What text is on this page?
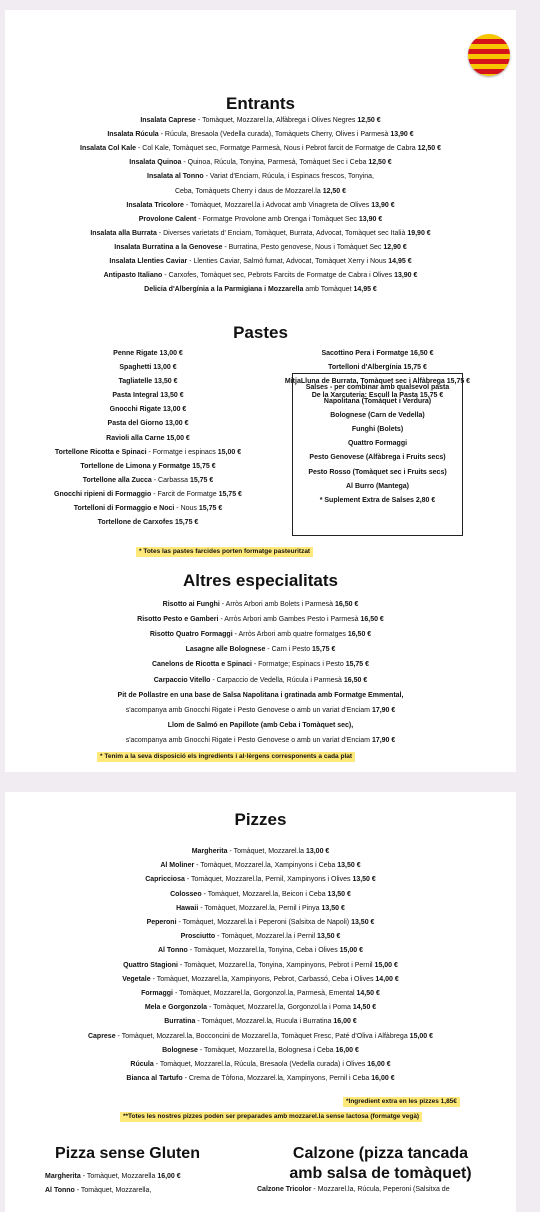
Entrants
Insalata Caprese - Tomàquet, Mozzarel.la, Alfàbrega i Olives Negres 12,50 €
Insalata Rúcula - Rúcula, Bresaola (Vedella curada), Tomàquets Cherry, Olives i Parmesà 13,90 €
Insalata Col Kale - Col Kale, Tomàquet sec, Formatge Parmesà, Nous i Pebrot farcit de Formatge de Cabra 12,50 €
Insalata Quinoa - Quinoa, Rúcula, Tonyina, Parmesà, Tomàquet Sec i Ceba 12,50 €
Insalata al Tonno - Variat d'Enciam, Rúcula, i Espinacs frescos, Tonyina,
Ceba, Tomàquets Cherry i daus de Mozzarel.la 12,50 €
Insalata Tricolore - Tomàquet, Mozzarel.la i Advocat amb Vinagreta de Olives 13,90 €
Provolone Calent - Formatge Provolone amb Orenga i Tomàquet Sec 13,90 €
Insalata alla Burrata - Diverses varietats d' Enciam, Tomàquet, Burrata, Advocat, Tomàquet sec Italià 19,90 €
Insalata Burratina a la Genovese - Burratina, Pesto genovese, Nous i Tomàquet Sec 12,90 €
Insalata Llenties Caviar - Llenties Caviar, Salmó fumat, Advocat, Tomàquet Xerry i Nous 14,95 €
Antipasto Italiano - Carxofes, Tomàquet sec, Pebrots Farcits de Formatge de Cabra i Olives 13,90 €
Delicia d'Albergínia a la Parmigiana i Mozzarella amb Tomàquet 14,95 €
Pastes
Penne Rigate 13,00 €
Spaghetti 13,00 €
Tagliatelle 13,50 €
Pasta Integral 13,50 €
Gnocchi Rigate 13,00 €
Pasta del Giorno 13,00 €
Ravioli alla Carne 15,00 €
Tortellone Ricotta e Spinaci - Formatge i espinacs 15,00 €
Tortellone de Limona y Formatge 15,75 €
Tortellone alla Zucca - Carbassa 15,75 €
Gnocchi ripieni di Formaggio - Farcit de Formatge 15,75 €
Tortelloni di Formaggio e Noci - Nous 15,75 €
Tortellone de Carxofes 15,75 €
Sacottino Pera i Formatge 16,50 €
Tortelloni d'Albergínia 15,75 €
MitjaLluna de Burrata, Tomàquet sec i Alfàbrega 15,75 €
De la Xarcuteria: Escull la Pasta 15,75 €
Salses - per combinar amb qualsevol pasta
Napolitana (Tomàquet i Verdura)
Bolognese (Carn de Vedella)
Funghi (Bolets)
Quattro Formaggi
Pesto Genovese (Alfàbrega i Fruits secs)
Pesto Rosso (Tomàquet sec i Fruits secs)
Al Burro (Mantega)
* Suplement Extra de Salses 2,80 €
* Totes las pastes farcides porten formatge pasteuritzat
Altres especialitats
Risotto ai Funghi - Arròs Arbori amb Bolets i Parmesà 16,50 €
Risotto Pesto e Gamberi - Arròs Arbori amb Gambes Pesto i Parmesà 16,50 €
Risotto Quatro Formaggi - Arròs Arbori amb quatre formatges 16,50 €
Lasagne alle Bolognese - Carn i Pesto 15,75 €
Canelons de Ricotta e Spinaci - Formatge; Espinacs i Pesto 15,75 €
Carpaccio Vitello - Carpaccio de Vedella, Rúcula i Parmesà 16,50 €
Pit de Pollastre en una base de Salsa Napolitana i gratinada amb Formatge Emmental,
s'acompanya amb Gnocchi Rigate i Pesto Genovese o amb un variat d'Enciam 17,90 €
Llom de Salmó en Papillote (amb Ceba i Tomàquet sec),
s'acompanya amb Gnocchi Rigate i Pesto Genovese o amb un variat d'Enciam 17,90 €
* Tenim a la seva disposició els ingredients i al·lèrgens corresponents a cada plat
Pizzes
Margherita - Tomàquet, Mozzarel.la 13,00 €
Al Moliner - Tomàquet, Mozzarel.la, Xampinyons i Ceba 13,50 €
Capricciosa - Tomàquet, Mozzarel.la, Pernil, Xampinyons i Olives 13,50 €
Colosseo - Tomàquet, Mozzarel.la, Beicon i Ceba 13,50 €
Hawaii - Tomàquet, Mozzarel.la, Pernil i Pinya 13,50 €
Peperoni - Tomàquet, Mozzarel.la i Peperoni (Salsitxa de Napoli) 13,50 €
Prosciutto - Tomàquet, Mozzarel.la i Pernil 13,50 €
Al Tonno - Tomàquet, Mozzarel.la, Tonyina, Ceba i Olives 15,00 €
Quattro Stagioni - Tomàquet, Mozzarel.la, Tonyina, Xampinyons, Pebrot i Pernil 15,00 €
Vegetale - Tomàquet, Mozzarel.la, Xampinyons, Pebrot, Carbassó, Ceba i Olives 14,00 €
Formaggi - Tomàquet, Mozzarel.la, Gorgonzol.la, Parmesà, Emental 14,50 €
Mela e Gorgonzola - Tomàquet, Mozzarel.la, Gorgonzol.la i Poma 14,50 €
Burratina - Tomàquet, Mozzarel.la, Rucula i Burratina 16,00 €
Caprese - Tomàquet, Mozzarel.la, Bocconcini de Mozzarel.la, Tomàquet Fresc, Paté d'Oliva i Alfàbrega 15,00 €
Bolognese - Tomàquet, Mozzarel.la, Bolognesa i Ceba 16,00 €
Rúcula - Tomàquet, Mozzarel.la, Rúcula, Bresaola (Vedella curada) i Olives 16,00 €
Bianca al Tartufo - Crema de Tòfona, Mozzarel.la, Xampinyons, Pernil i Ceba 16,00 €
*Ingredient extra en les pizzes 1,85€
**Totes les nostres pizzes poden ser preparades amb mozzarel.la sense lactosa (formatge vegà)
Pizza sense Gluten
Margherita - Tomàquet, Mozzarella 16,00 €
Al Tonno - Tomàquet, Mozzarella,
Calzone (pizza tancada
amb salsa de tomàquet)
Calzone Tricolor - Mozzarel.la, Rúcula, Peperoni (Salsitxa de
